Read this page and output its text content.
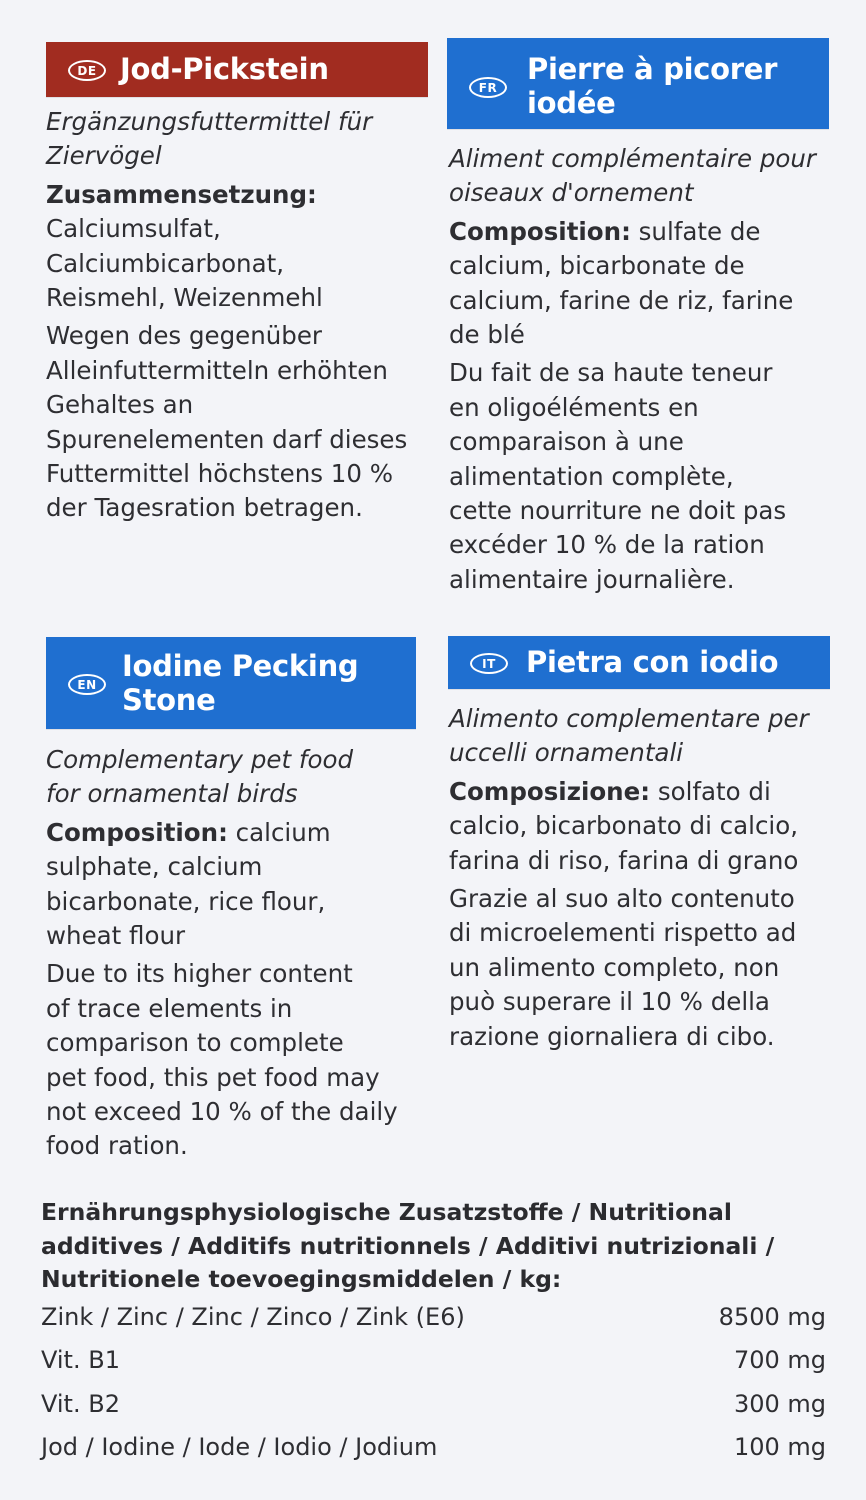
DE Jod-Pickstein

Ergänzungsfuttermittel für

Ziervögel

Zusammensetzung:

Calciumsulfat,

Calciumbicarbonat,

Reismehl, Weizenmehl

Wegen des gegenüber

Alleinfuttermitteln erhöhten

Gehaltes an

Spurenelementen darf dieses

Futtermittel höchstens 10 %

der Tagesration betragen.

FR
Pierre à picorer
iodée

Aliment complémentaire pour

oiseaux d'ornement

Composition: sulfate de

calcium, bicarbonate de

calcium, farine de riz, farine

de blé

Du fait de sa haute teneur

en oligoéléments en

comparaison à une

alimentation complète,

cette nourriture ne doit pas

excéder 10 % de la ration

alimentaire journalière.

EN
Iodine Pecking
Stone

Complementary pet food

for ornamental birds

Composition: calcium

sulphate, calcium

bicarbonate, rice flour,

wheat flour

Due to its higher content

of trace elements in

comparison to complete

pet food, this pet food may

not exceed 10 % of the daily

food ration.

IT	Pietra con iodio

Alimento complementare per

uccelli ornamentali

Composizione: solfato di

calcio, bicarbonato di calcio,

farina di riso, farina di grano

Grazie al suo alto contenuto

di microelementi rispetto ad

un alimento completo, non

può superare il 10 % della

razione giornaliera di cibo.

Ernährungsphysiologische Zusatzstoffe / Nutritional
additives / Additifs nutritionnels / Additivi nutrizionali /
Nutritionele toevoegingsmiddelen / kg:
Zink / Zinc / Zinc / Zinco / Zink (E6)	8500 mg
Vit. B1	700 mg
Vit. B2	300 mg
Jod / Iodine / Iode / Iodio / Jodium	100 mg
